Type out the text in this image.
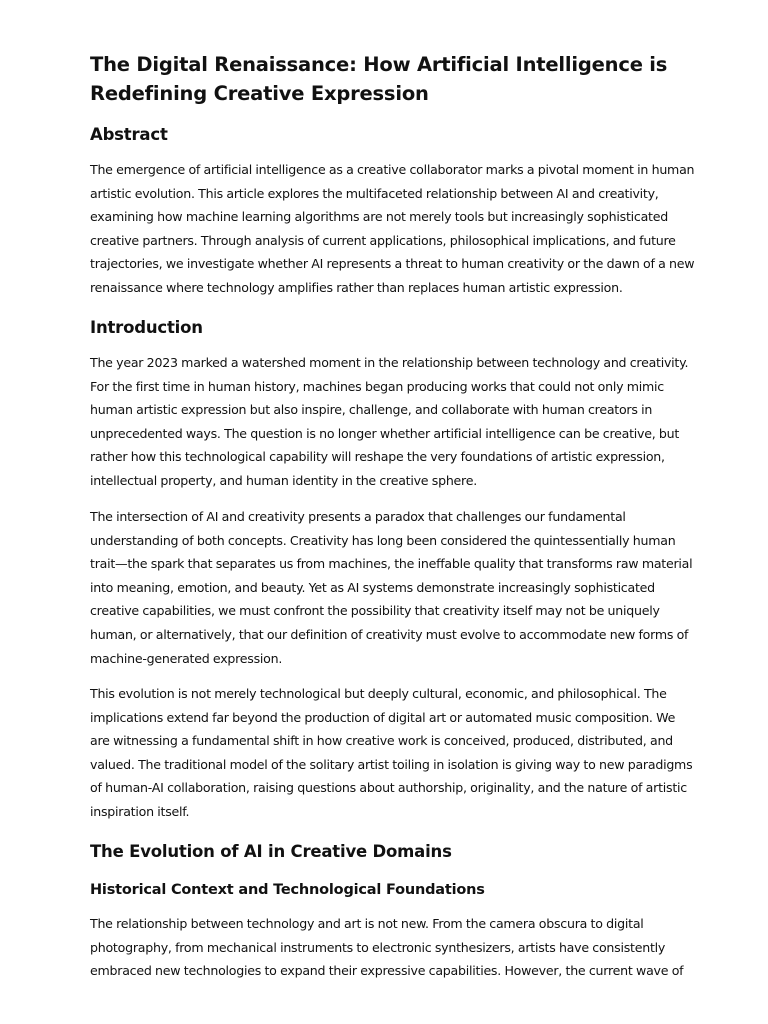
The Digital Renaissance: How Artificial Intelligence is
Redefining Creative Expression
Abstract

The emergence of artificial intelligence as a creative collaborator marks a pivotal moment in human
artistic evolution. This article explores the multifaceted relationship between AI and creativity,
examining how machine learning algorithms are not merely tools but increasingly sophisticated
creative partners. Through analysis of current applications, philosophical implications, and future
trajectories, we investigate whether AI represents a threat to human creativity or the dawn of a new
renaissance where technology amplifies rather than replaces human artistic expression.

Introduction

The year 2023 marked a watershed moment in the relationship between technology and creativity.
For the first time in human history, machines began producing works that could not only mimic
human artistic expression but also inspire, challenge, and collaborate with human creators in
unprecedented ways. The question is no longer whether artificial intelligence can be creative, but
rather how this technological capability will reshape the very foundations of artistic expression,
intellectual property, and human identity in the creative sphere.

The intersection of AI and creativity presents a paradox that challenges our fundamental
understanding of both concepts. Creativity has long been considered the quintessentially human
trait—the spark that separates us from machines, the ineffable quality that transforms raw material
into meaning, emotion, and beauty. Yet as AI systems demonstrate increasingly sophisticated
creative capabilities, we must confront the possibility that creativity itself may not be uniquely
human, or alternatively, that our definition of creativity must evolve to accommodate new forms of
machine-generated expression.

This evolution is not merely technological but deeply cultural, economic, and philosophical. The
implications extend far beyond the production of digital art or automated music composition. We
are witnessing a fundamental shift in how creative work is conceived, produced, distributed, and
valued. The traditional model of the solitary artist toiling in isolation is giving way to new paradigms
of human-AI collaboration, raising questions about authorship, originality, and the nature of artistic
inspiration itself.

The Evolution of AI in Creative Domains
Historical Context and Technological Foundations

The relationship between technology and art is not new. From the camera obscura to digital
photography, from mechanical instruments to electronic synthesizers, artists have consistently
embraced new technologies to expand their expressive capabilities. However, the current wave of
